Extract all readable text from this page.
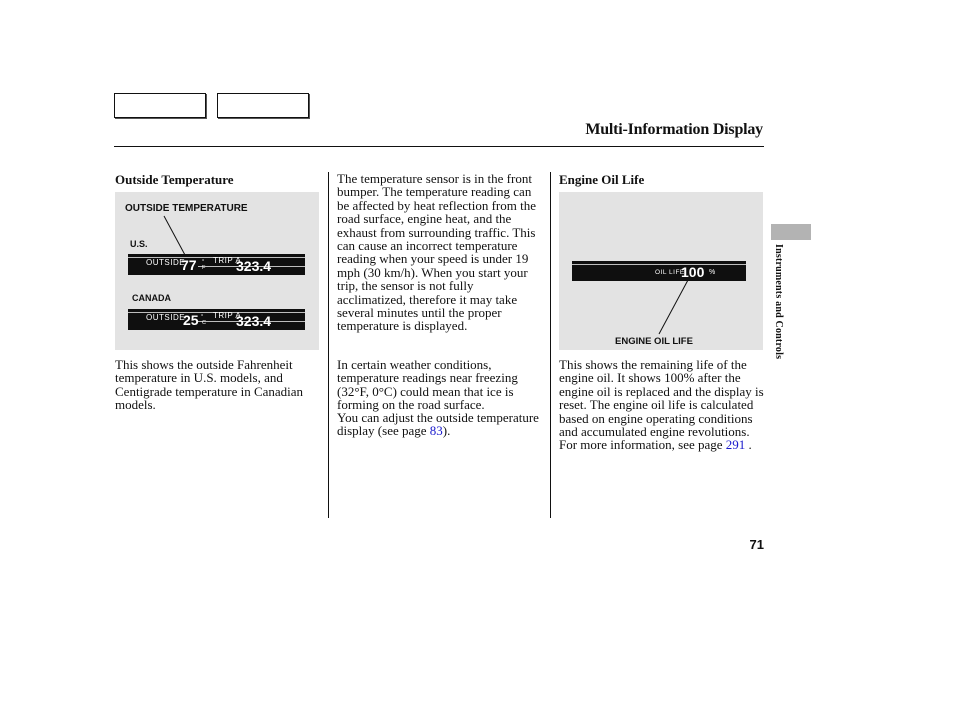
Multi-Information Display
Outside Temperature
OUTSIDE TEMPERATURE
U.S.
OUTSIDE
77 °
F
TRIP A
323.4
CANADA
OUTSIDE
25 °
C
TRIP A
323.4
This shows the outside Fahrenheit temperature in U.S. models, and Centigrade temperature in Canadian models.
The temperature sensor is in the front bumper. The temperature reading can be affected by heat reflection from the road surface, engine heat, and the exhaust from surrounding traffic. This can cause an incorrect temperature reading when your speed is under 19 mph (30 km/h). When you start your trip, the sensor is not fully acclimatized, therefore it may take several minutes until the proper temperature is displayed.
In certain weather conditions, temperature readings near freezing (32°F, 0°C) could mean that ice is forming on the road surface.
You can adjust the outside temperature display (see page 83).
Engine Oil Life
OIL LIFE
100 %
ENGINE OIL LIFE
This shows the remaining life of the engine oil. It shows 100% after the engine oil is replaced and the display is reset. The engine oil life is calculated based on engine operating conditions and accumulated engine revolutions. For more information, see page 291 .
Instruments and Controls
71
